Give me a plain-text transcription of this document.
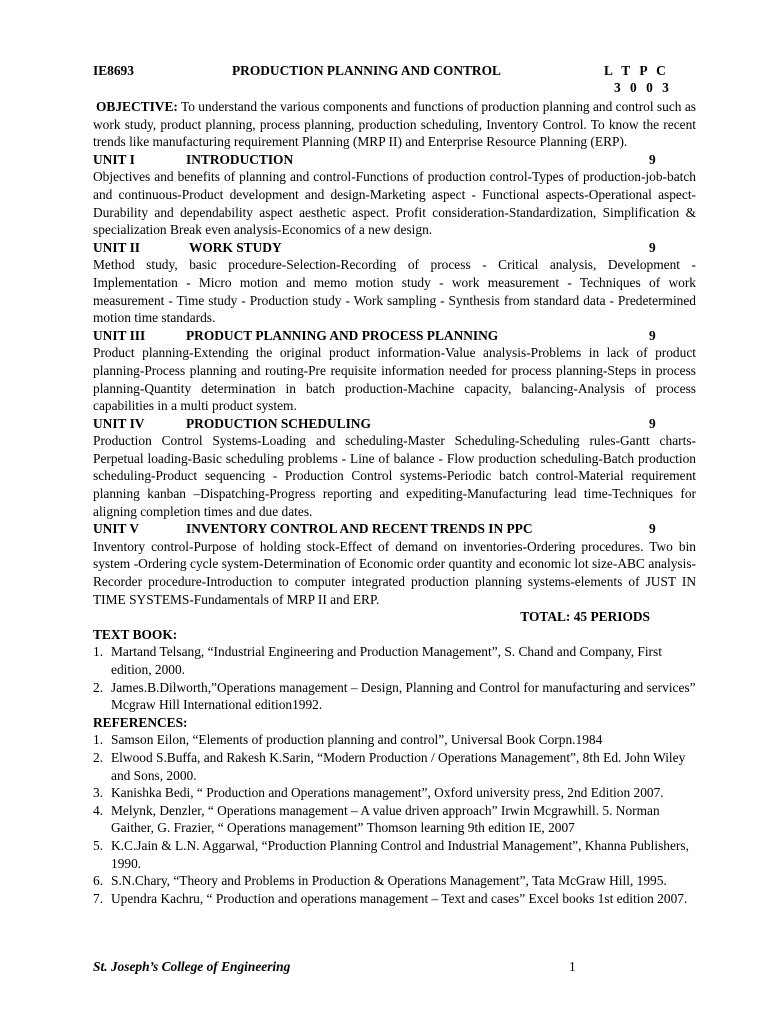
IE8693	PRODUCTION PLANNING AND CONTROL	L T P C
3 0 0 3

OBJECTIVE: To understand the various components and functions of production planning and control such as work study, product planning, process planning, production scheduling, Inventory Control. To know the recent trends like manufacturing requirement Planning (MRP II) and Enterprise Resource Planning (ERP).

UNIT I	INTRODUCTION	9

Objectives and benefits of planning and control-Functions of production control-Types of production-job-batch and continuous-Product development and design-Marketing aspect - Functional aspects-Operational aspect-Durability and dependability aspect aesthetic aspect. Profit consideration-Standardization, Simplification & specialization Break even analysis-Economics of a new design.

UNIT II	WORK STUDY	9

Method study, basic procedure-Selection-Recording of process - Critical analysis, Development - Implementation - Micro motion and memo motion study - work measurement - Techniques of work measurement - Time study - Production study - Work sampling - Synthesis from standard data - Predetermined motion time standards.

UNIT III	PRODUCT PLANNING AND PROCESS PLANNING	9

Product planning-Extending the original product information-Value analysis-Problems in lack of product planning-Process planning and routing-Pre requisite information needed for process planning-Steps in process planning-Quantity determination in batch production-Machine capacity, balancing-Analysis of process capabilities in a multi product system.

UNIT IV	PRODUCTION SCHEDULING	9

Production Control Systems-Loading and scheduling-Master Scheduling-Scheduling rules-Gantt charts-Perpetual loading-Basic scheduling problems - Line of balance - Flow production scheduling-Batch production scheduling-Product sequencing - Production Control systems-Periodic batch control-Material requirement planning kanban –Dispatching-Progress reporting and expediting-Manufacturing lead time-Techniques for aligning completion times and due dates.

UNIT V	INVENTORY CONTROL AND RECENT TRENDS IN PPC	9

Inventory control-Purpose of holding stock-Effect of demand on inventories-Ordering procedures. Two bin system -Ordering cycle system-Determination of Economic order quantity and economic lot size-ABC analysis-Recorder procedure-Introduction to computer integrated production planning systems-elements of JUST IN TIME SYSTEMS-Fundamentals of MRP II and ERP.

TOTAL: 45 PERIODS
TEXT BOOK:
1. Martand Telsang, “Industrial Engineering and Production Management”, S. Chand and Company, First edition, 2000.
2. James.B.Dilworth,”Operations management – Design, Planning and Control for manufacturing and services” Mcgraw Hill International edition1992.
REFERENCES:
1. Samson Eilon, “Elements of production planning and control”, Universal Book Corpn.1984
2. Elwood S.Buffa, and Rakesh K.Sarin, “Modern Production / Operations Management”, 8th Ed. John Wiley and Sons, 2000.
3. Kanishka Bedi, “ Production and Operations management”, Oxford university press, 2nd Edition 2007.
4. Melynk, Denzler, “ Operations management – A value driven approach” Irwin Mcgrawhill. 5. Norman Gaither, G. Frazier, “ Operations management” Thomson learning 9th edition IE, 2007
5. K.C.Jain & L.N. Aggarwal, “Production Planning Control and Industrial Management”, Khanna Publishers, 1990.
6. S.N.Chary, “Theory and Problems in Production & Operations Management”, Tata McGraw Hill, 1995.
7. Upendra Kachru, “ Production and operations management – Text and cases” Excel books 1st edition 2007.
St. Joseph’s College of Engineering	1
